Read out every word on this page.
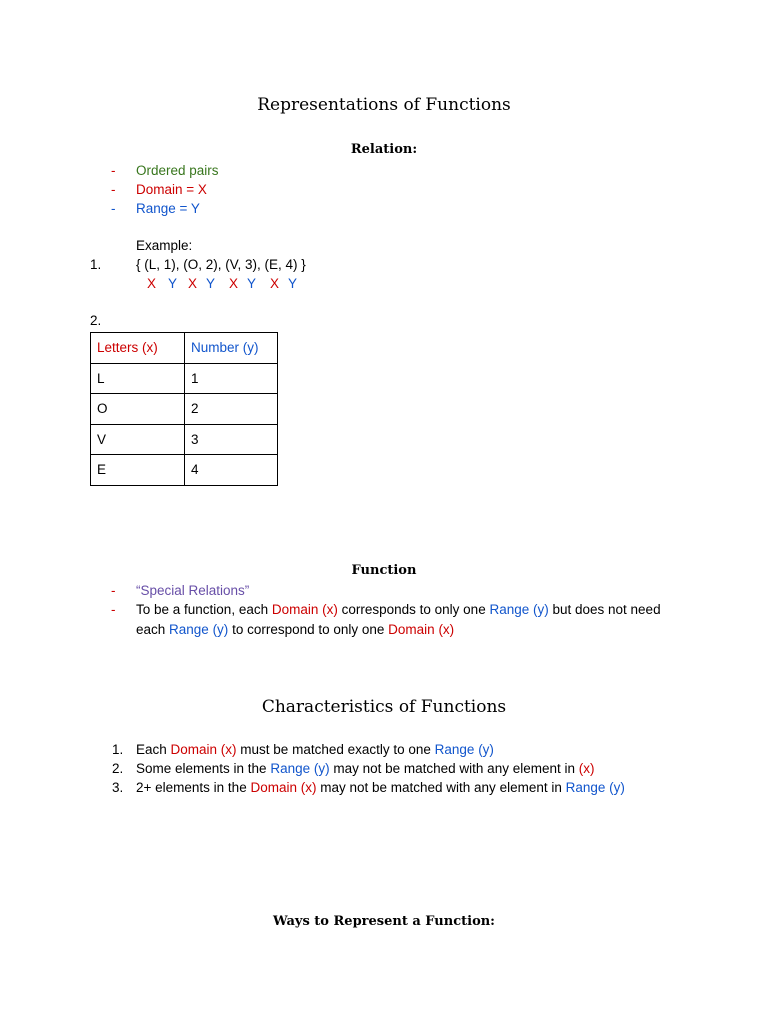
Representations of Functions
Relation:
- Ordered pairs
- Domain = X
- Range = Y
Example:
1.	{ (L, 1), (O, 2), (V, 3), (E, 4) }
X Y X Y X Y X Y
2.
Letters (x)	Number (y)
L	1
O	2
V	3
E	4
Function
- “Special Relations”
- To be a function, each Domain (x) corresponds to only one Range (y) but does not need
each Range (y) to correspond to only one Domain (x)
Characteristics of Functions
1. Each Domain (x) must be matched exactly to one Range (y)
2. Some elements in the Range (y) may not be matched with any element in (x)
3. 2+ elements in the Domain (x) may not be matched with any element in Range (y)
Ways to Represent a Function:
